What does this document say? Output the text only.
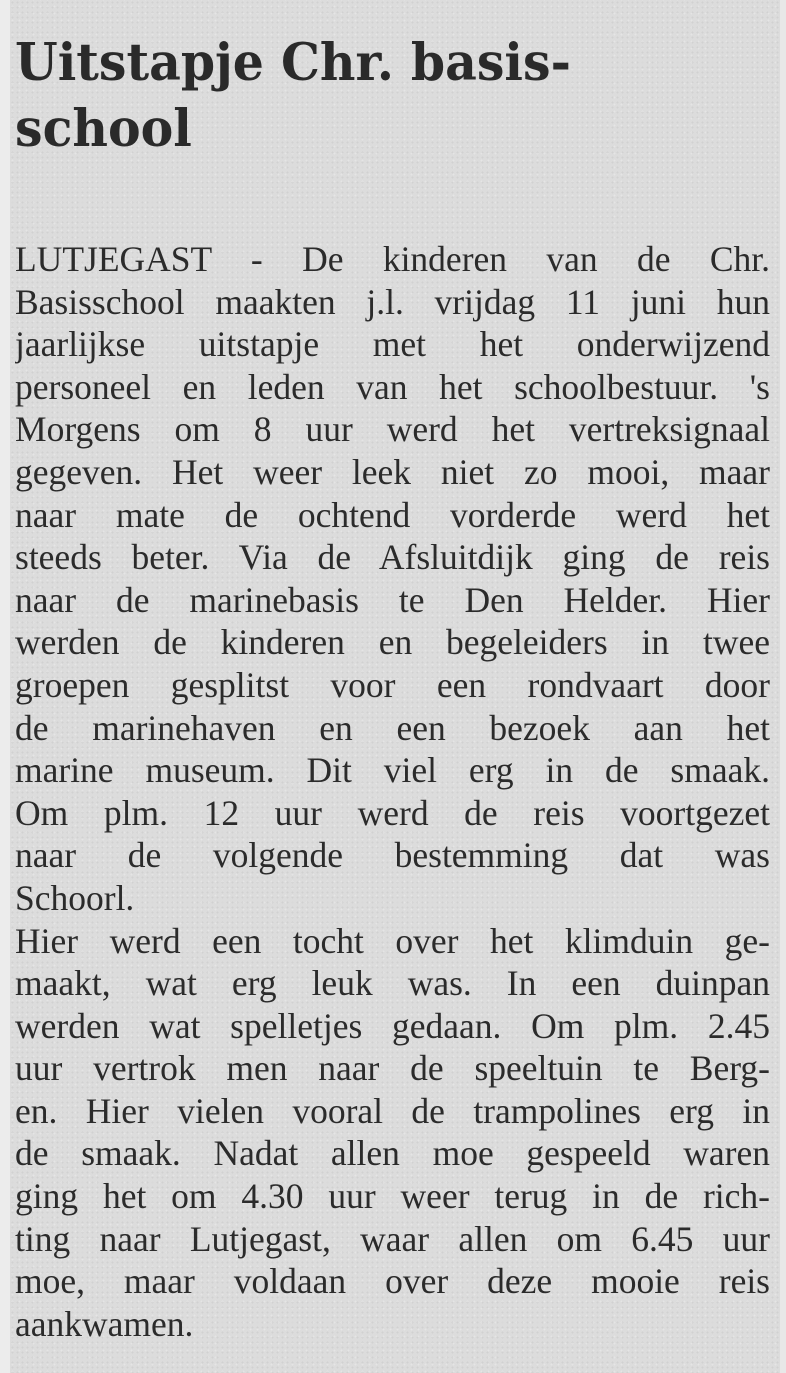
Uitstapje Chr. basis-
school
LUTJEGAST - De kinderen van de Chr.
Basisschool maakten j.l. vrijdag 11 juni hun
jaarlijkse uitstapje met het onderwijzend
personeel en leden van het schoolbestuur. 's
Morgens om 8 uur werd het vertreksignaal
gegeven. Het weer leek niet zo mooi, maar
naar mate de ochtend vorderde werd het
steeds beter. Via de Afsluitdijk ging de reis
naar de marinebasis te Den Helder. Hier
werden de kinderen en begeleiders in twee
groepen gesplitst voor een rondvaart door
de marinehaven en een bezoek aan het
marine museum. Dit viel erg in de smaak.
Om plm. 12 uur werd de reis voortgezet
naar de volgende bestemming dat was
Schoorl.
Hier werd een tocht over het klimduin ge-
maakt, wat erg leuk was. In een duinpan
werden wat spelletjes gedaan. Om plm. 2.45
uur vertrok men naar de speeltuin te Berg-
en. Hier vielen vooral de trampolines erg in
de smaak. Nadat allen moe gespeeld waren
ging het om 4.30 uur weer terug in de rich-
ting naar Lutjegast, waar allen om 6.45 uur
moe, maar voldaan over deze mooie reis
aankwamen.
